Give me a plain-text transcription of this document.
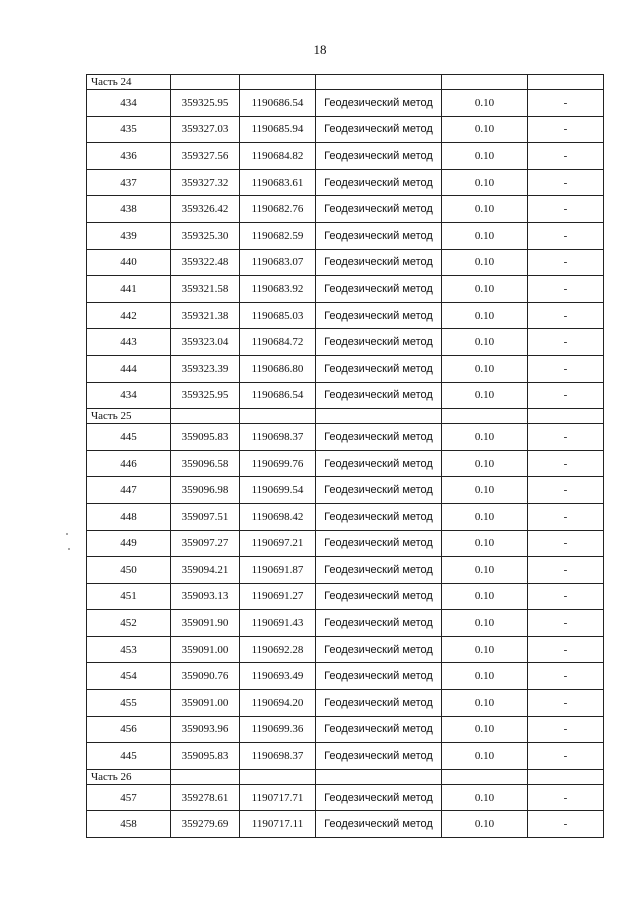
18
Часть 24					
434	359325.95	1190686.54	Геодезический метод	0.10	-
435	359327.03	1190685.94	Геодезический метод	0.10	-
436	359327.56	1190684.82	Геодезический метод	0.10	-
437	359327.32	1190683.61	Геодезический метод	0.10	-
438	359326.42	1190682.76	Геодезический метод	0.10	-
439	359325.30	1190682.59	Геодезический метод	0.10	-
440	359322.48	1190683.07	Геодезический метод	0.10	-
441	359321.58	1190683.92	Геодезический метод	0.10	-
442	359321.38	1190685.03	Геодезический метод	0.10	-
443	359323.04	1190684.72	Геодезический метод	0.10	-
444	359323.39	1190686.80	Геодезический метод	0.10	-
434	359325.95	1190686.54	Геодезический метод	0.10	-
Часть 25					
445	359095.83	1190698.37	Геодезический метод	0.10	-
446	359096.58	1190699.76	Геодезический метод	0.10	-
447	359096.98	1190699.54	Геодезический метод	0.10	-
448	359097.51	1190698.42	Геодезический метод	0.10	-
449	359097.27	1190697.21	Геодезический метод	0.10	-
450	359094.21	1190691.87	Геодезический метод	0.10	-
451	359093.13	1190691.27	Геодезический метод	0.10	-
452	359091.90	1190691.43	Геодезический метод	0.10	-
453	359091.00	1190692.28	Геодезический метод	0.10	-
454	359090.76	1190693.49	Геодезический метод	0.10	-
455	359091.00	1190694.20	Геодезический метод	0.10	-
456	359093.96	1190699.36	Геодезический метод	0.10	-
445	359095.83	1190698.37	Геодезический метод	0.10	-
Часть 26					
457	359278.61	1190717.71	Геодезический метод	0.10	-
458	359279.69	1190717.11	Геодезический метод	0.10	-
